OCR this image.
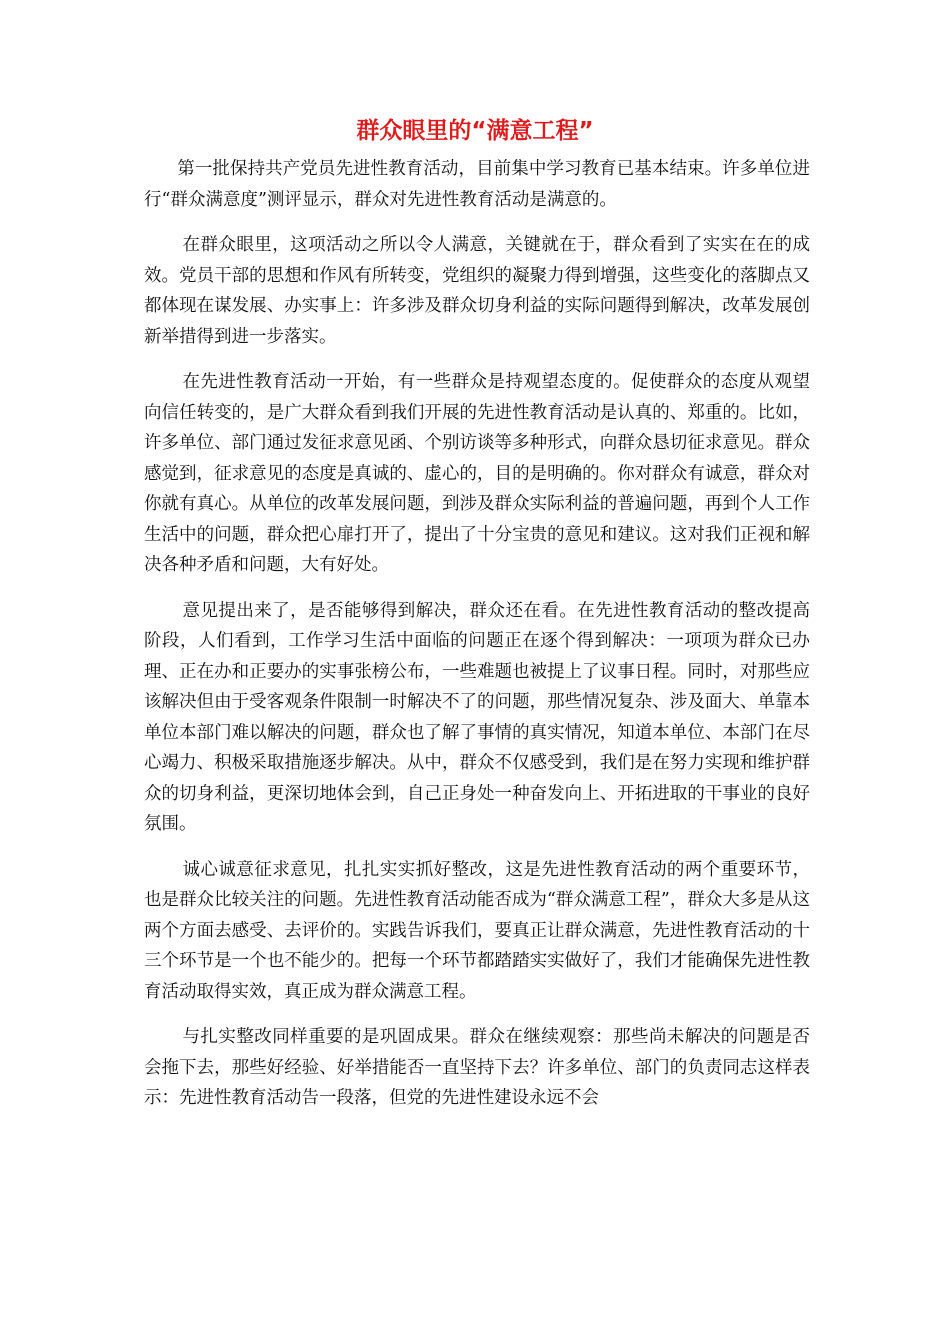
群众眼里的“满意工程”

第一批保持共产党员先进性教育活动，目前集中学习教育已基本结束。许多单位进行“群众满意度”测评显示，群众对先进性教育活动是满意的。

在群众眼里，这项活动之所以令人满意，关键就在于，群众看到了实实在在的成效。党员干部的思想和作风有所转变，党组织的凝聚力得到增强，这些变化的落脚点又都体现在谋发展、办实事上：许多涉及群众切身利益的实际问题得到解决，改革发展创新举措得到进一步落实。

在先进性教育活动一开始，有一些群众是持观望态度的。促使群众的态度从观望向信任转变的，是广大群众看到我们开展的先进性教育活动是认真的、郑重的。比如，许多单位、部门通过发征求意见函、个别访谈等多种形式，向群众恳切征求意见。群众感觉到，征求意见的态度是真诚的、虚心的，目的是明确的。你对群众有诚意，群众对你就有真心。从单位的改革发展问题，到涉及群众实际利益的普遍问题，再到个人工作生活中的问题，群众把心扉打开了，提出了十分宝贵的意见和建议。这对我们正视和解决各种矛盾和问题，大有好处。

意见提出来了，是否能够得到解决，群众还在看。在先进性教育活动的整改提高阶段，人们看到，工作学习生活中面临的问题正在逐个得到解决：一项项为群众已办理、正在办和正要办的实事张榜公布，一些难题也被提上了议事日程。同时，对那些应该解决但由于受客观条件限制一时解决不了的问题，那些情况复杂、涉及面大、单靠本单位本部门难以解决的问题，群众也了解了事情的真实情况，知道本单位、本部门在尽心竭力、积极采取措施逐步解决。从中，群众不仅感受到，我们是在努力实现和维护群众的切身利益，更深切地体会到，自己正身处一种奋发向上、开拓进取的干事业的良好氛围。

诚心诚意征求意见，扎扎实实抓好整改，这是先进性教育活动的两个重要环节，也是群众比较关注的问题。先进性教育活动能否成为“群众满意工程”，群众大多是从这两个方面去感受、去评价的。实践告诉我们，要真正让群众满意，先进性教育活动的十三个环节是一个也不能少的。把每一个环节都踏踏实实做好了，我们才能确保先进性教育活动取得实效，真正成为群众满意工程。

与扎实整改同样重要的是巩固成果。群众在继续观察：那些尚未解决的问题是否会拖下去，那些好经验、好举措能否一直坚持下去？许多单位、部门的负责同志这样表示：先进性教育活动告一段落，但党的先进性建设永远不会
